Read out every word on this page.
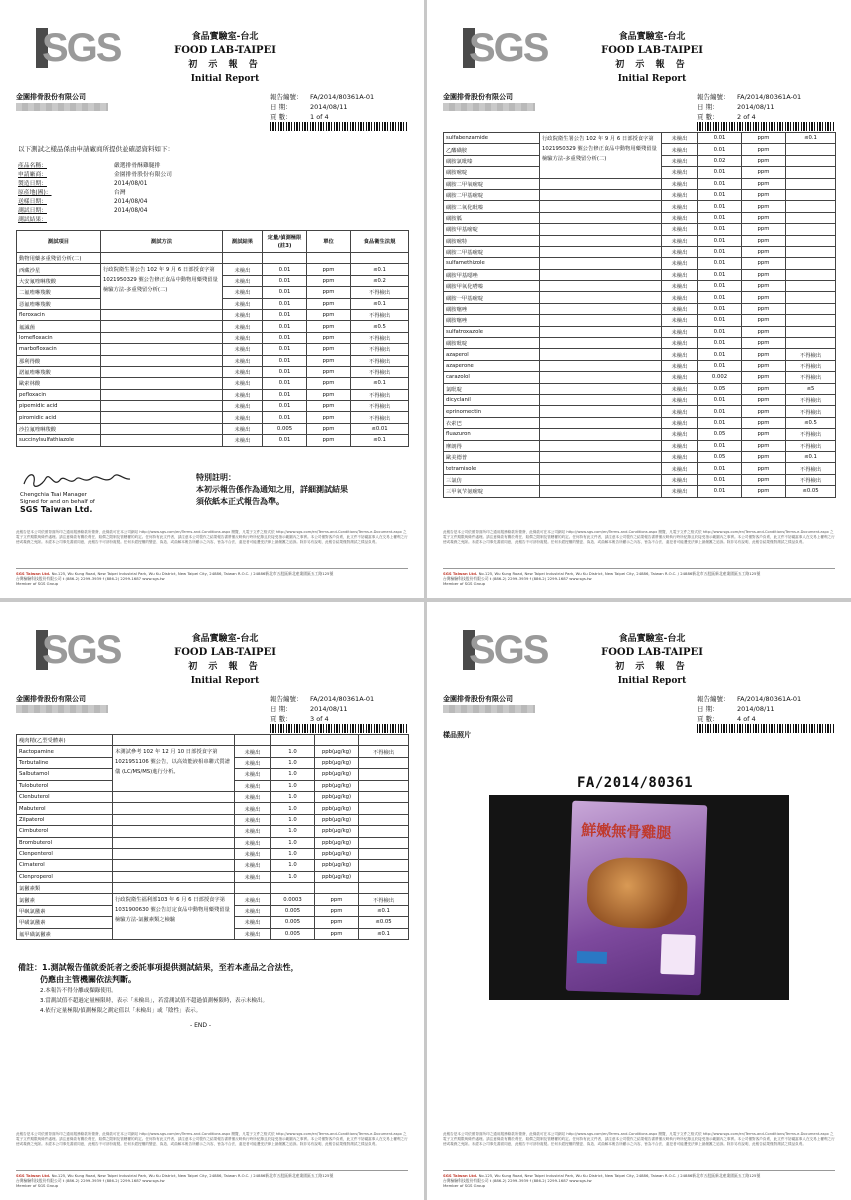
SGS	食品實驗室-台北
FOOD LAB-TAIPEI
初 示 報 告
Initial Report
金園排骨股份有限公司	報告編號： FA/2014/80361A-01
日 期：	2014/08/11
頁 數：	1 of 4
以下測試之樣品係由申請廠商所提供並確認資料如下：
產品名稱：	嚴選排骨酥雞腿排
申請廠商：	金園排骨股份有限公司
製造日期：	2014/08/01
原產地(國)：	台灣
送樣日期：	2014/08/04
測試日期：	2014/08/04
測試結果：
測試項目	測試方法	測試結果	定量/偵測極限(註3)	單位	食品衛生法規
動物用藥多重殘留分析(二)					
西藏沙星	行政院衛生署公告 102 年 9 月 6 日部授食字第1021950329 號公告修正食品中動物用藥殘留量檢驗方法-多重殘留分析(二)	未檢出	0.01	ppm	≤0.1
大安氟喹啉羧酸		未檢出	0.01	ppm	≤0.2
二氟喹啉羧酸		未檢出	0.01	ppm	不得檢出
惡氟喹啉羧酸		未檢出	0.01	ppm	≤0.1
fleroxacin		未檢出	0.01	ppm	不得檢出
氟滅菌		未檢出	0.01	ppm	≤0.5
lomefloxacin		未檢出	0.01	ppm	不得檢出
marbofloxacin		未檢出	0.01	ppm	不得檢出
那利得酸		未檢出	0.01	ppm	不得檢出
諾氟喹啉羧酸		未檢出	0.01	ppm	不得檢出
歐索林酸		未檢出	0.01	ppm	≤0.1
pefloxacin		未檢出	0.01	ppm	不得檢出
pipemidic acid		未檢出	0.01	ppm	不得檢出
piromidic acid		未檢出	0.01	ppm	不得檢出
沙拉氟喹啉羧酸		未檢出	0.005	ppm	≤0.01
succinylsulfathiazole		未檢出	0.01	ppm	≤0.1
Chengchia Tsai Manager
Signed for and on behalf of
SGS Taiwan Ltd.
特別註明：
本初示報告係作為通知之用，詳細測試結果
須依紙本正式報告為準。
此報告是本公司依照背面所印之通用服務條款所簽發，此條款可在本公司網站 http://www.sgs.com/en/Terms-and-Conditions.aspx 閱覽，凡電子文件之格式依 http://www.sgs.com/en/Terms-and-Conditions/Terms-e-Document.aspx 之電子文件期限與條件處理。請注意條款有關於責任、賠償之限制及管轄權的約定。任何持有此文件者，請注意本公司製作之結果報告書將僅反映執行時所紀錄且於接受指示範圍內之事實。本公司僅對客戶負責，此文件不妨礙當事人在交易上權利之行使或義務之免除。未經本公司事先書面同意，此報告不可部份複製。任何未經授權的變更、偽造、或曲解本報告所顯示之內容，皆為不合法，違犯者可能遭受法律上最嚴厲之追訴。除非另有說明，此報告結果僅對測試之樣品負責。
SGS Taiwan Ltd. No.125, Wu Kung Road, New Taipei Industrial Park, Wu Ku District, New Taipei City, 24886, Taiwan R.O.C. / 24886新北市五股區新北產業園區五工路125號
台灣檢驗科技股份有限公司 t (886-2) 2299-3939 f (886-2) 2299-1687 www.sgs.tw
Member of SGS Group
SGS	食品實驗室-台北
FOOD LAB-TAIPEI
初 示 報 告
Initial Report
金園排骨股份有限公司	報告編號： FA/2014/80361A-01
日 期：	2014/08/11
頁 數：	2 of 4
sulfabenzamide	行政院衛生署公告 102 年 9 月 6 日部授食字第1021950329 號公告修正食品中動物用藥殘留量檢驗方法-多重殘留分析(二)	未檢出	0.01	ppm	≤0.1
乙醯磺胺		未檢出	0.01	ppm	
磺胺氯吡嗪		未檢出	0.02	ppm	
磺胺嘧啶		未檢出	0.01	ppm	
磺胺二甲氧嘧啶		未檢出	0.01	ppm	
磺胺二甲基嘧啶		未檢出	0.01	ppm	
磺胺二氧化吡嗪		未檢出	0.01	ppm	
磺胺胍		未檢出	0.01	ppm	
磺胺甲基嘧啶		未檢出	0.01	ppm	
磺胺嘧特		未檢出	0.01	ppm	
磺胺二甲基嘧啶		未檢出	0.01	ppm	
sulfamethizole		未檢出	0.01	ppm	
磺胺甲基噁唑		未檢出	0.01	ppm	
磺胺甲氧化嗒嗪		未檢出	0.01	ppm	
磺胺一甲基嘧啶		未檢出	0.01	ppm	
磺胺噻唑		未檢出	0.01	ppm	
磺胺噻唑		未檢出	0.01	ppm	
sulfatroxazole		未檢出	0.01	ppm	
磺胺吡啶		未檢出	0.01	ppm	
azaperol		未檢出	0.01	ppm	不得檢出
azaperone		未檢出	0.01	ppm	不得檢出
carazolol		未檢出	0.002	ppm	不得檢出
氯吡啶		未檢出	0.05	ppm	≤5
dicyclanil		未檢出	0.01	ppm	不得檢出
eprinomectin		未檢出	0.01	ppm	不得檢出
衣索巴		未檢出	0.01	ppm	≤0.5
fluazuron		未檢出	0.05	ppm	不得檢出
摩朗得		未檢出	0.01	ppm	不得檢出
歐美德普		未檢出	0.05	ppm	≤0.1
tetramisole		未檢出	0.01	ppm	不得檢出
三氯仿		未檢出	0.01	ppm	不得檢出
三甲氧芐氨嘧啶		未檢出	0.01	ppm	≤0.05
此報告是本公司依照背面所印之通用服務條款所簽發，此條款可在本公司網站 http://www.sgs.com/en/Terms-and-Conditions.aspx 閱覽，凡電子文件之格式依 http://www.sgs.com/en/Terms-and-Conditions/Terms-e-Document.aspx 之電子文件期限與條件處理。請注意條款有關於責任、賠償之限制及管轄權的約定。任何持有此文件者，請注意本公司製作之結果報告書將僅反映執行時所紀錄且於接受指示範圍內之事實。本公司僅對客戶負責，此文件不妨礙當事人在交易上權利之行使或義務之免除。未經本公司事先書面同意，此報告不可部份複製。任何未經授權的變更、偽造、或曲解本報告所顯示之內容，皆為不合法，違犯者可能遭受法律上最嚴厲之追訴。除非另有說明，此報告結果僅對測試之樣品負責。
SGS Taiwan Ltd. No.125, Wu Kung Road, New Taipei Industrial Park, Wu Ku District, New Taipei City, 24886, Taiwan R.O.C. / 24886新北市五股區新北產業園區五工路125號
台灣檢驗科技股份有限公司 t (886-2) 2299-3939 f (886-2) 2299-1687 www.sgs.tw
Member of SGS Group
SGS	食品實驗室-台北
FOOD LAB-TAIPEI
初 示 報 告
Initial Report
金園排骨股份有限公司	報告編號： FA/2014/80361A-01
日 期：	2014/08/11
頁 數：	3 of 4
瘦肉精(乙型受體素)					
Ractopamine	本測試參考 102 年 12 月 10 日部授食字第1021951106 號公告，以高效能液相串聯式質譜儀 (LC/MS/MS)進行分析。	未檢出	1.0	ppb(μg/kg)	不得檢出
Terbutaline		未檢出	1.0	ppb(μg/kg)	
Salbutamol		未檢出	1.0	ppb(μg/kg)	
Tulobuterol		未檢出	1.0	ppb(μg/kg)	
Clenbuterol		未檢出	1.0	ppb(μg/kg)	
Mabuterol		未檢出	1.0	ppb(μg/kg)	
Zilpaterol		未檢出	1.0	ppb(μg/kg)	
Cimbuterol		未檢出	1.0	ppb(μg/kg)	
Brombuterol		未檢出	1.0	ppb(μg/kg)	
Clenpenterol		未檢出	1.0	ppb(μg/kg)	
Cimaterol		未檢出	1.0	ppb(μg/kg)	
Clenproperol		未檢出	1.0	ppb(μg/kg)	
氯黴素類					
氯黴素	行政院衛生福利部103 年 6 月 6 日部授食字第1031900630 號公告訂定食品中動物用藥殘留量檢驗方法-氯黴素類之檢驗	未檢出	0.0003	ppm	不得檢出
甲砜氯黴素		未檢出	0.005	ppm	≤0.1
甲磺氯黴素		未檢出	0.005	ppm	≤0.05
氟甲磺氯黴素		未檢出	0.005	ppm	≤0.1
備註：1.測試報告僅就委託者之委託事項提供測試結果，至若本產品之合法性，
仍應由主管機關依法判斷。
2.本報告不得分離或擷錄使用。
3.當測試值不超過定量極限時，表示「未檢出」，若當測試值不超過偵測極限時，表示未檢出。
4.依行定量極限/偵測極限之測定值以「未檢出」或「陰性」表示。
- END -
此報告是本公司依照背面所印之通用服務條款所簽發，此條款可在本公司網站 http://www.sgs.com/en/Terms-and-Conditions.aspx 閱覽，凡電子文件之格式依 http://www.sgs.com/en/Terms-and-Conditions/Terms-e-Document.aspx 之電子文件期限與條件處理。請注意條款有關於責任、賠償之限制及管轄權的約定。任何持有此文件者，請注意本公司製作之結果報告書將僅反映執行時所紀錄且於接受指示範圍內之事實。本公司僅對客戶負責，此文件不妨礙當事人在交易上權利之行使或義務之免除。未經本公司事先書面同意，此報告不可部份複製。任何未經授權的變更、偽造、或曲解本報告所顯示之內容，皆為不合法，違犯者可能遭受法律上最嚴厲之追訴。除非另有說明，此報告結果僅對測試之樣品負責。
SGS Taiwan Ltd. No.125, Wu Kung Road, New Taipei Industrial Park, Wu Ku District, New Taipei City, 24886, Taiwan R.O.C. / 24886新北市五股區新北產業園區五工路125號
台灣檢驗科技股份有限公司 t (886-2) 2299-3939 f (886-2) 2299-1687 www.sgs.tw
Member of SGS Group
SGS	食品實驗室-台北
FOOD LAB-TAIPEI
初 示 報 告
Initial Report
金園排骨股份有限公司	報告編號： FA/2014/80361A-01
日 期：	2014/08/11
頁 數：	4 of 4
樣品照片
FA/2014/80361
鮮嫩無骨雞腿
此報告是本公司依照背面所印之通用服務條款所簽發，此條款可在本公司網站 http://www.sgs.com/en/Terms-and-Conditions.aspx 閱覽，凡電子文件之格式依 http://www.sgs.com/en/Terms-and-Conditions/Terms-e-Document.aspx 之電子文件期限與條件處理。請注意條款有關於責任、賠償之限制及管轄權的約定。任何持有此文件者，請注意本公司製作之結果報告書將僅反映執行時所紀錄且於接受指示範圍內之事實。本公司僅對客戶負責，此文件不妨礙當事人在交易上權利之行使或義務之免除。未經本公司事先書面同意，此報告不可部份複製。任何未經授權的變更、偽造、或曲解本報告所顯示之內容，皆為不合法，違犯者可能遭受法律上最嚴厲之追訴。除非另有說明，此報告結果僅對測試之樣品負責。
SGS Taiwan Ltd. No.125, Wu Kung Road, New Taipei Industrial Park, Wu Ku District, New Taipei City, 24886, Taiwan R.O.C. / 24886新北市五股區新北產業園區五工路125號
台灣檢驗科技股份有限公司 t (886-2) 2299-3939 f (886-2) 2299-1687 www.sgs.tw
Member of SGS Group
